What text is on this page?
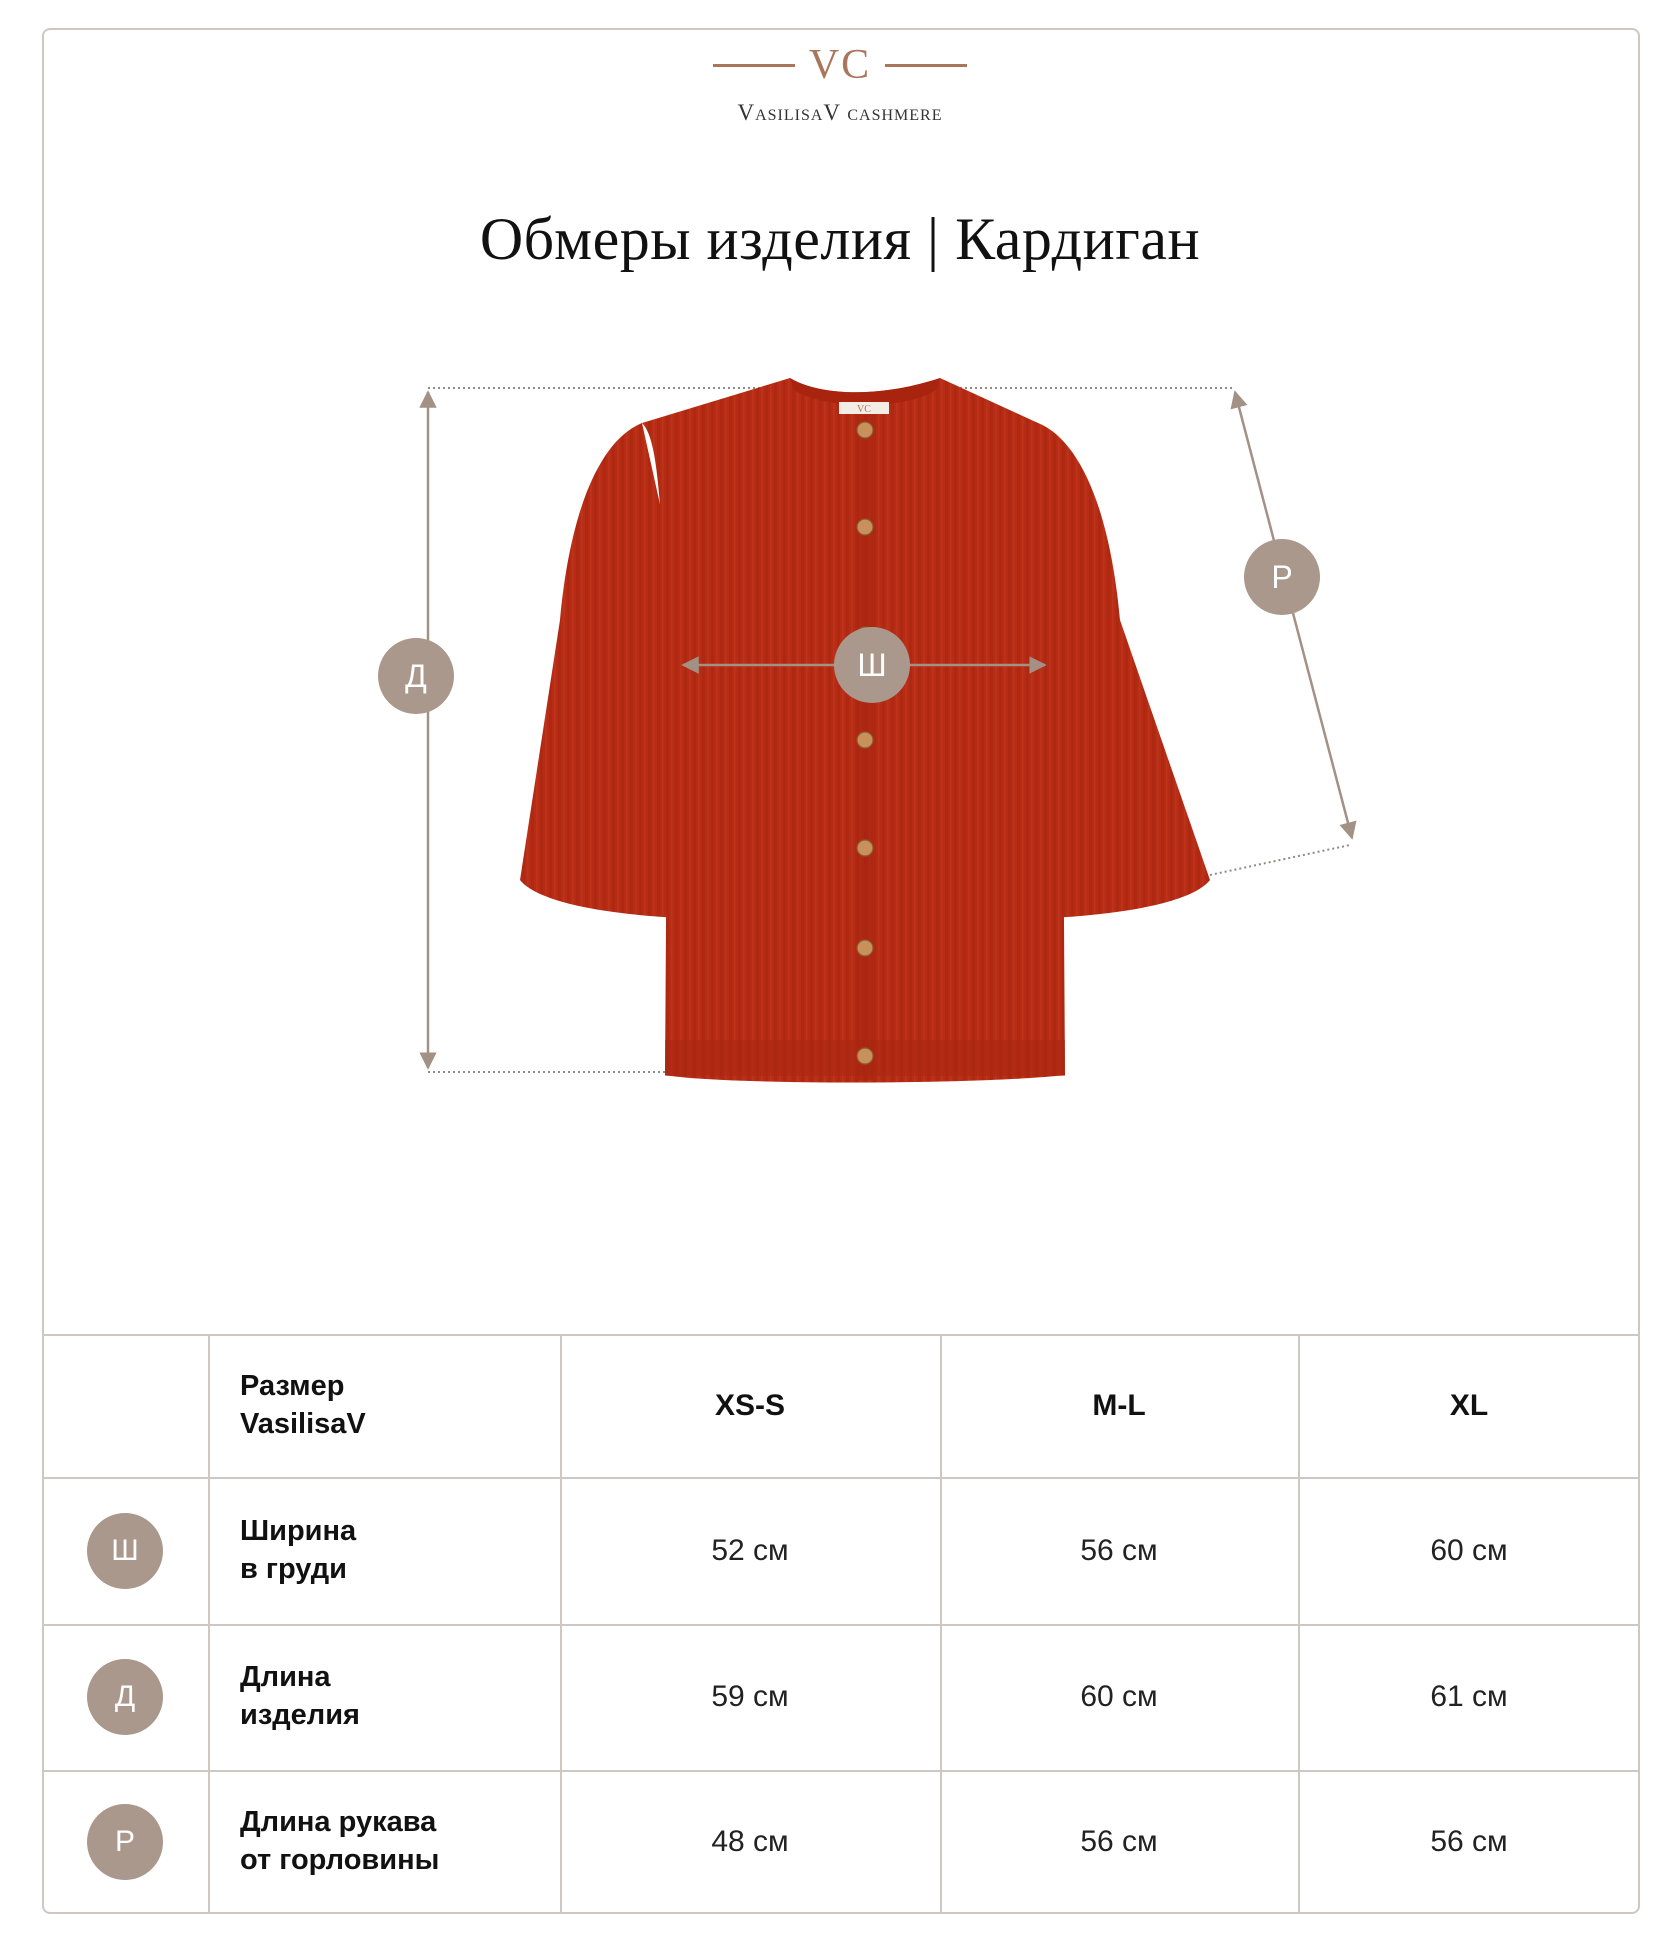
VC
VasilisaV cashmere
Обмеры изделия | Кардиган
VC
Д	Ш
Р
Размер
VasilisaV
XS-S	M-L	XL
Ш
Ширина
в груди
52 см	56 см	60 см
Д
Длина
изделия
59 см	60 см	61 см
Р
Длина рукава
от горловины
48 см	56 см	56 см
